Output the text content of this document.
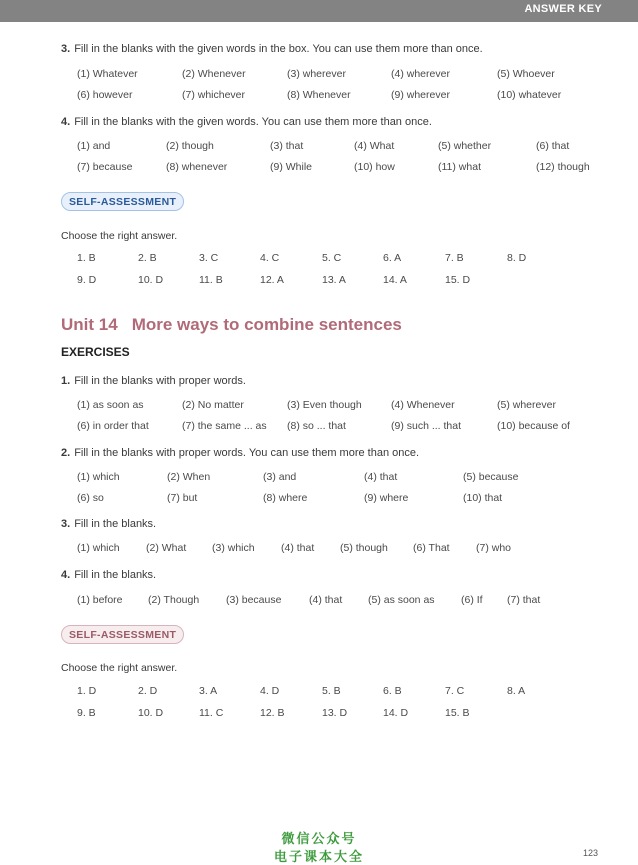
ANSWER KEY
3. Fill in the blanks with the given words in the box. You can use them more than once.
(1) Whatever	(2) Whenever	(3) wherever	(4) wherever	(5) Whoever
(6) however	(7) whichever	(8) Whenever	(9) wherever	(10) whatever
4. Fill in the blanks with the given words. You can use them more than once.
(1) and	(2) though	(3) that	(4) What	(5) whether	(6) that
(7) because	(8) whenever	(9) While	(10) how	(11) what	(12) though
SELF-ASSESSMENT
Choose the right answer.
1. B	2. B	3. C	4. C	5. C	6. A	7. B	8. D
9. D	10. D	11. B	12. A	13. A	14. A	15. D
Unit 14 More ways to combine sentences
EXERCISES
1. Fill in the blanks with proper words.
(1) as soon as	(2) No matter	(3) Even though	(4) Whenever	(5) wherever
(6) in order that	(7) the same ... as (8) so ... that	(9) such ... that	(10) because of
2. Fill in the blanks with proper words. You can use them more than once.
(1) which	(2) When	(3) and	(4) that	(5) because
(6) so	(7) but	(8) where	(9) where	(10) that
3. Fill in the blanks.
(1) which	(2) What (3) which	(4) that (5) though (6) That	(7) who
4. Fill in the blanks.
(1) before (2) Though	(3) because	(4) that (5) as soon as	(6) If (7) that
SELF-ASSESSMENT
Choose the right answer.
1. D	2. D	3. A	4. D	5. B	6. B	7. C	8. A
9. B	10. D	11. C	12. B	13. D	14. D	15. B
微信公众号
电子课本大全	123
